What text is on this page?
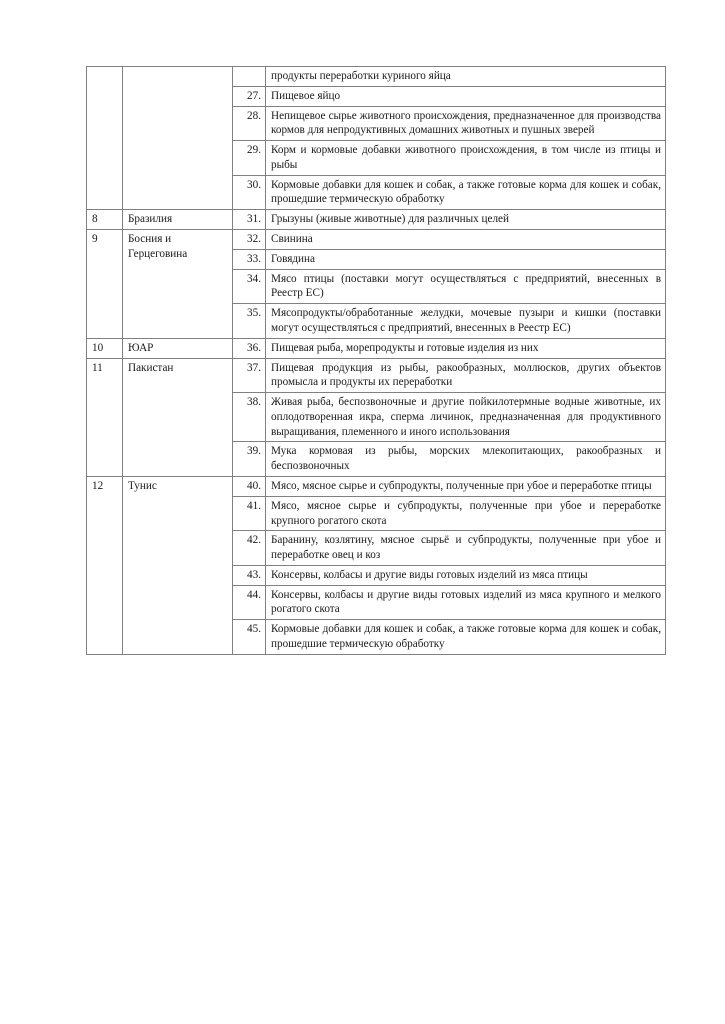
			продукты переработки куриного яйца
		27.	Пищевое яйцо
		28.	Непищевое сырье животного происхождения, предназначенное для производства кормов для непродуктивных домашних животных и пушных зверей
		29.	Корм и кормовые добавки животного происхождения, в том числе из птицы и рыбы
		30.	Кормовые добавки для кошек и собак, а также готовые корма для кошек и собак, прошедшие термическую обработку
8	Бразилия	31.	Грызуны (живые животные) для различных целей
9	Босния и Герцеговина	32.	Свинина
		33.	Говядина
		34.	Мясо птицы (поставки могут осуществляться с предприятий, внесенных в Реестр ЕС)
		35.	Мясопродукты/обработанные желудки, мочевые пузыри и кишки (поставки могут осуществляться с предприятий, внесенных в Реестр ЕС)
10	ЮАР	36.	Пищевая рыба, морепродукты и готовые изделия из них
11	Пакистан	37.	Пищевая продукция из рыбы, ракообразных, моллюсков, других объектов промысла и продукты их переработки
		38.	Живая рыба, беспозвоночные и другие пойкилотермные водные животные, их оплодотворенная икра, сперма личинок, предназначенная для продуктивного выращивания, племенного и иного использования
		39.	Мука кормовая из рыбы, морских млекопитающих, ракообразных и беспозвоночных
12	Тунис	40.	Мясо, мясное сырье и субпродукты, полученные при убое и переработке птицы
		41.	Мясо, мясное сырье и субпродукты, полученные при убое и переработке крупного рогатого скота
		42.	Баранину, козлятину, мясное сырьё и субпродукты, полученные при убое и переработке овец и коз
		43.	Консервы, колбасы и другие виды готовых изделий из мяса птицы
		44.	Консервы, колбасы и другие виды готовых изделий из мяса крупного и мелкого рогатого скота
		45.	Кормовые добавки для кошек и собак, а также готовые корма для кошек и собак, прошедшие термическую обработку
